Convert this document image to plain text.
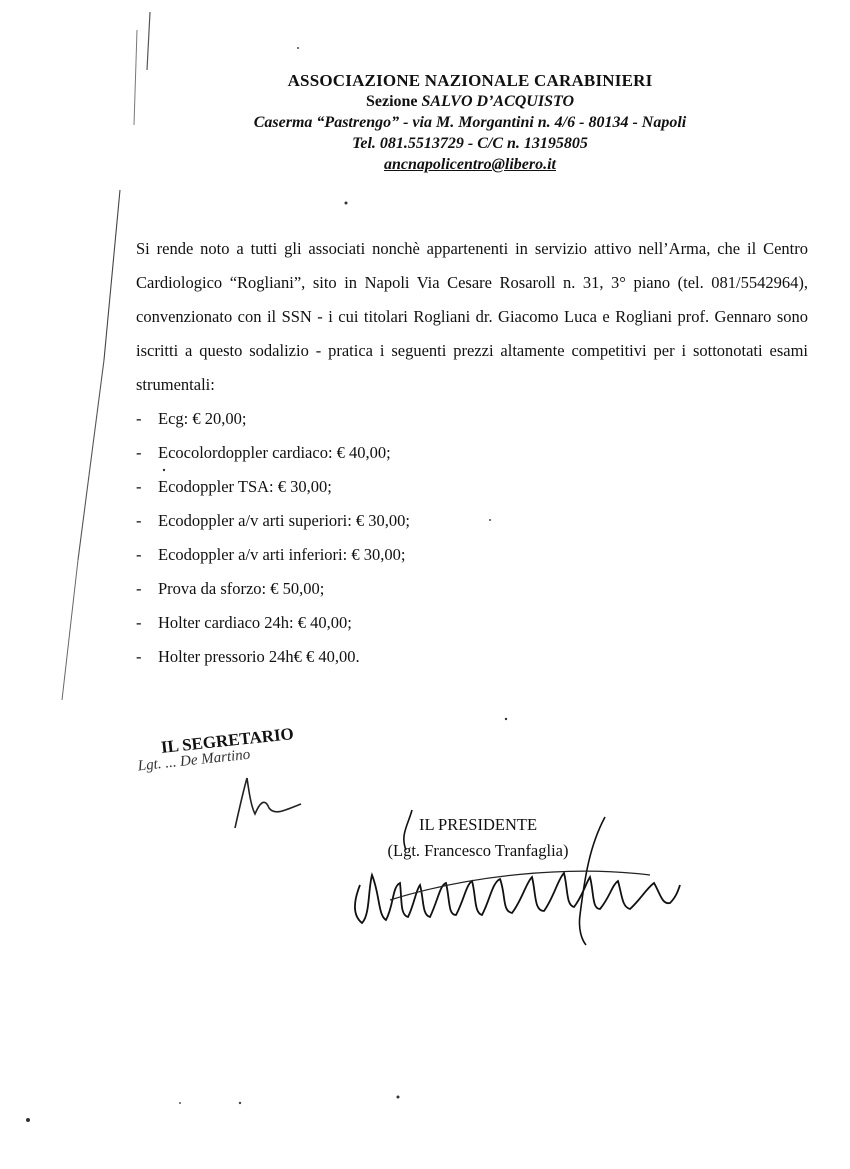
ASSOCIAZIONE NAZIONALE CARABINIERI
Sezione SALVO D’ACQUISTO
Caserma “Pastrengo” - via M. Morgantini n. 4/6 - 80134 - Napoli
Tel. 081.5513729 - C/C n. 13195805
ancnapolicentro@libero.it
Si rende noto a tutti gli associati nonchè appartenenti in servizio attivo nell’Arma, che il Centro Cardiologico “Rogliani”, sito in Napoli Via Cesare Rosaroll n. 31, 3° piano (tel. 081/5542964), convenzionato con il SSN - i cui titolari Rogliani dr. Giacomo Luca e Rogliani prof. Gennaro sono iscritti a questo sodalizio - pratica i seguenti prezzi altamente competitivi per i sottonotati esami strumentali:
-	Ecg: € 20,00;
-	Ecocolordoppler cardiaco: € 40,00;
-	Ecodoppler TSA: € 30,00;
-	Ecodoppler a/v arti superiori: € 30,00;
-	Ecodoppler a/v arti inferiori: € 30,00;
-	Prova da sforzo: € 50,00;
-	Holter cardiaco 24h: € 40,00;
-	Holter pressorio 24h€ € 40,00.
IL SEGRETARIO
Lgt. ... De Martino
IL PRESIDENTE
(Lgt. Francesco Tranfaglia)
